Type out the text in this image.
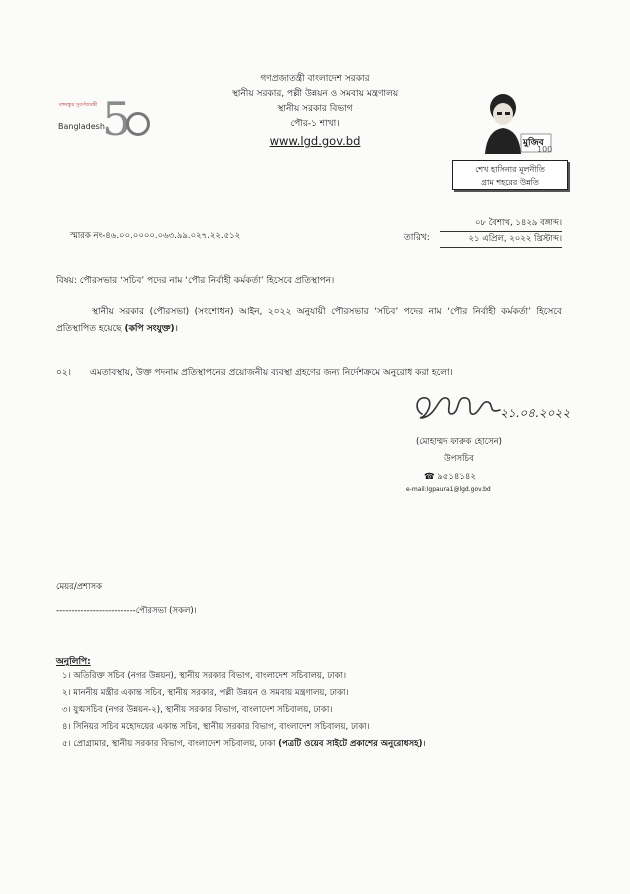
বঙ্গবন্ধুর সুবর্ণজয়ন্তী
Bangladesh
5
গণপ্রজাতন্ত্রী বাংলাদেশ সরকার
স্থানীয় সরকার, পল্লী উন্নয়ন ও সমবায় মন্ত্রণালয়
স্থানীয় সরকার বিভাগ
পৌর-১ শাখা।
www.lgd.gov.bd	মুজিব
100
শেখ হাসিনার মূলনীতি
গ্রাম শহরের উন্নতি
স্মারক নং-৪৬.০০.০০০০.০৬৩.৯৯.০২৭.২২.৫১২	তারিখ:
০৮ বৈশাখ, ১৪২৯ বঙ্গাব্দ।
২১ এপ্রিল, ২০২২ খ্রিস্টাব্দ।
বিষয়: পৌরসভার ‘সচিব’ পদের নাম ‘পৌর নির্বাহী কর্মকর্তা’ হিসেবে প্রতিস্থাপন।
স্থানীয় সরকার (পৌরসভা) (সংশোধন) আইন, ২০২২ অনুযায়ী পৌরসভার ‘সচিব’ পদের নাম ‘পৌর নির্বাহী কর্মকর্তা’ হিসেবে প্রতিস্থাপিত হয়েছে (কপি সংযুক্ত)।
০২। এমতাবস্থায়, উক্ত পদনাম প্রতিস্থাপনের প্রয়োজনীয় ব্যবস্থা গ্রহণের জন্য নির্দেশক্রমে অনুরোধ করা হলো।
২১.০৪.২০২২
(মোহাম্মদ ফারুক হোসেন)
উপসচিব
☎ ৯৫১৪১৪২
e-mail:lgpaura1@lgd.gov.bd
মেয়র/প্রশাসক
--------------------------পৌরসভা (সকল)।
অনুলিপি:
১। অতিরিক্ত সচিব (নগর উন্নয়ন), স্থানীয় সরকার বিভাগ, বাংলাদেশ সচিবালয়, ঢাকা।
২। মাননীয় মন্ত্রীর একান্ত সচিব, স্থানীয় সরকার, পল্লী উন্নয়ন ও সমবায় মন্ত্রণালয়, ঢাকা।
৩। যুগ্মসচিব (নগর উন্নয়ন-২), স্থানীয় সরকার বিভাগ, বাংলাদেশ সচিবালয়, ঢাকা।
৪। সিনিয়র সচিব মহোদয়ের একান্ত সচিব, স্থানীয় সরকার বিভাগ, বাংলাদেশ সচিবালয়, ঢাকা।
৫। প্রোগ্রামার, স্থানীয় সরকার বিভাগ, বাংলাদেশ সচিবালয়, ঢাকা (পত্রটি ওয়েব সাইটে প্রকাশের অনুরোধসহ)।
